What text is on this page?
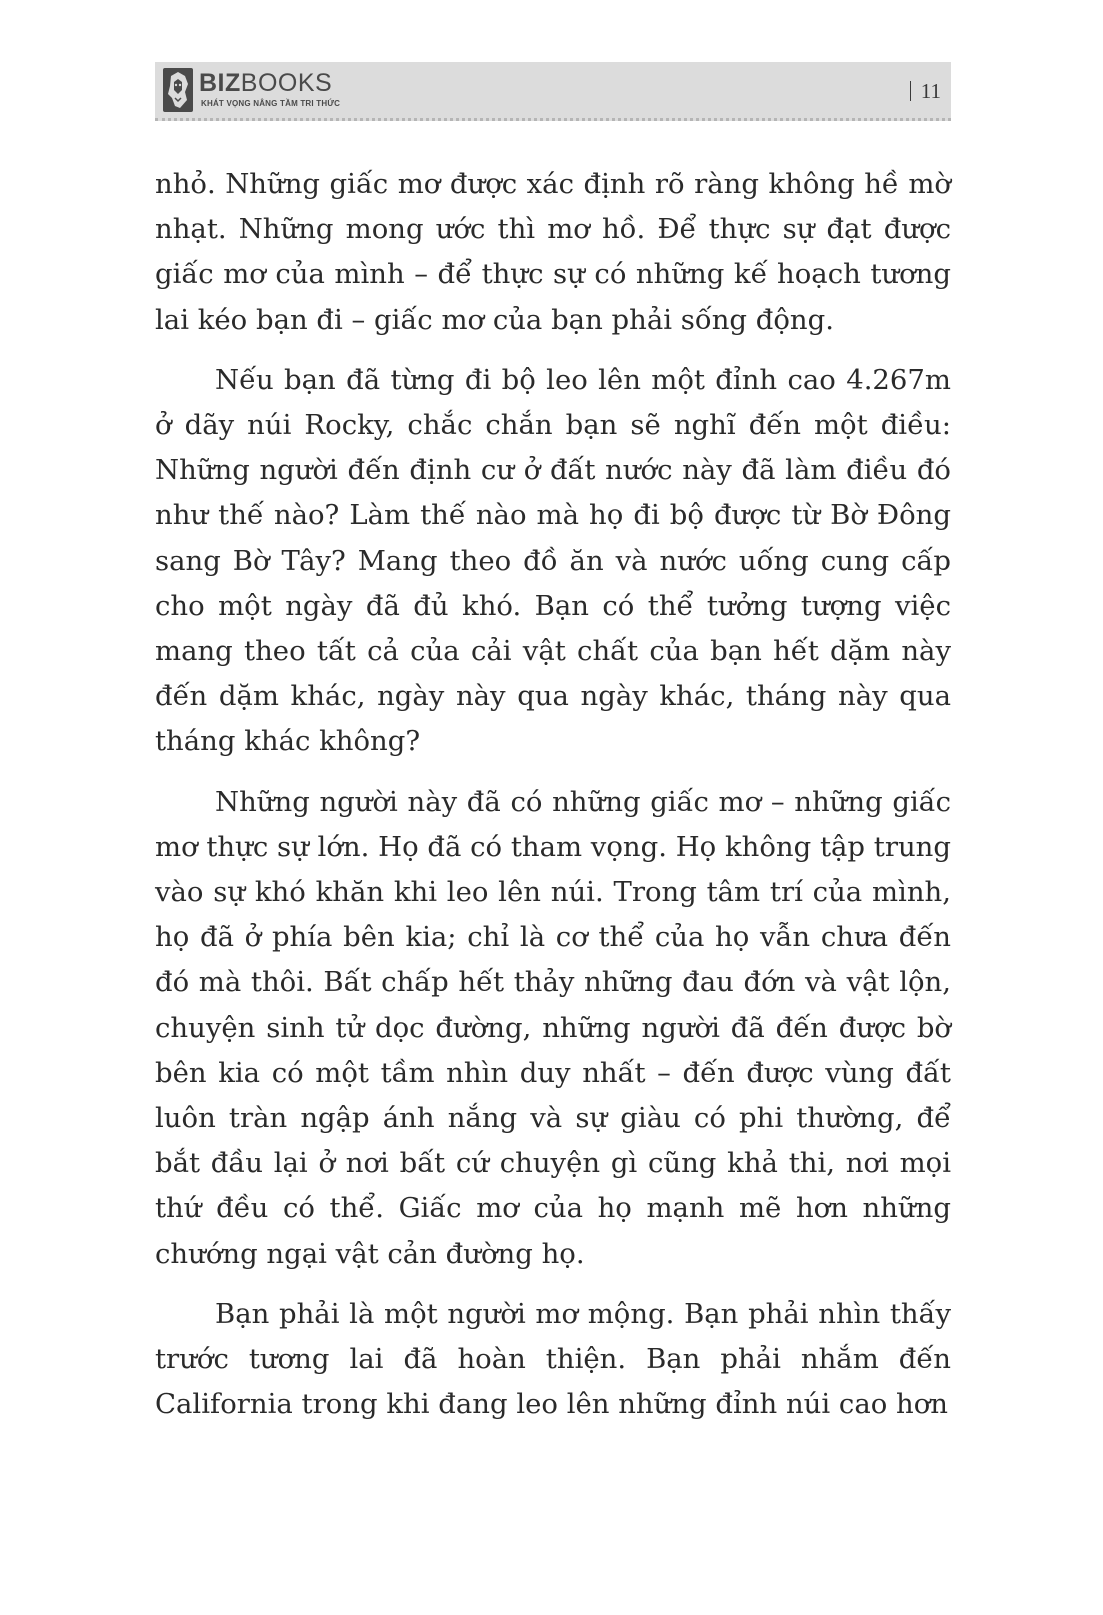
BIZBOOKS
KHÁT VỌNG NÂNG TẦM TRI THỨC
11

nhỏ. Những giấc mơ được xác định rõ ràng không hề mờ nhạt. Những mong ước thì mơ hồ. Để thực sự đạt được giấc mơ của mình – để thực sự có những kế hoạch tương lai kéo bạn đi – giấc mơ của bạn phải sống động.

Nếu bạn đã từng đi bộ leo lên một đỉnh cao 4.267m ở dãy núi Rocky, chắc chắn bạn sẽ nghĩ đến một điều: Những người đến định cư ở đất nước này đã làm điều đó như thế nào? Làm thế nào mà họ đi bộ được từ Bờ Đông sang Bờ Tây? Mang theo đồ ăn và nước uống cung cấp cho một ngày đã đủ khó. Bạn có thể tưởng tượng việc mang theo tất cả của cải vật chất của bạn hết dặm này đến dặm khác, ngày này qua ngày khác, tháng này qua tháng khác không?

Những người này đã có những giấc mơ – những giấc mơ thực sự lớn. Họ đã có tham vọng. Họ không tập trung vào sự khó khăn khi leo lên núi. Trong tâm trí của mình, họ đã ở phía bên kia; chỉ là cơ thể của họ vẫn chưa đến đó mà thôi. Bất chấp hết thảy những đau đớn và vật lộn, chuyện sinh tử dọc đường, những người đã đến được bờ bên kia có một tầm nhìn duy nhất – đến được vùng đất luôn tràn ngập ánh nắng và sự giàu có phi thường, để bắt đầu lại ở nơi bất cứ chuyện gì cũng khả thi, nơi mọi thứ đều có thể. Giấc mơ của họ mạnh mẽ hơn những chướng ngại vật cản đường họ.

Bạn phải là một người mơ mộng. Bạn phải nhìn thấy trước tương lai đã hoàn thiện. Bạn phải nhắm đến California trong khi đang leo lên những đỉnh núi cao hơn
